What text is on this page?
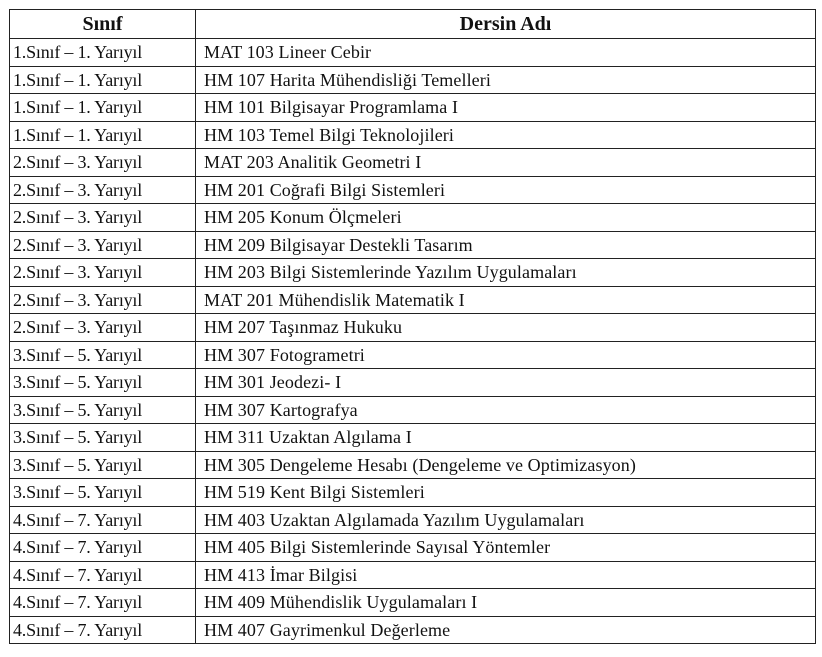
Sınıf	Dersin Adı
1.Sınıf – 1. Yarıyıl	MAT 103 Lineer Cebir
1.Sınıf – 1. Yarıyıl	HM 107 Harita Mühendisliği Temelleri
1.Sınıf – 1. Yarıyıl	HM 101 Bilgisayar Programlama I
1.Sınıf – 1. Yarıyıl	HM 103 Temel Bilgi Teknolojileri
2.Sınıf – 3. Yarıyıl	MAT 203 Analitik Geometri I
2.Sınıf – 3. Yarıyıl	HM 201 Coğrafi Bilgi Sistemleri
2.Sınıf – 3. Yarıyıl	HM 205 Konum Ölçmeleri
2.Sınıf – 3. Yarıyıl	HM 209 Bilgisayar Destekli Tasarım
2.Sınıf – 3. Yarıyıl	HM 203 Bilgi Sistemlerinde Yazılım Uygulamaları
2.Sınıf – 3. Yarıyıl	MAT 201 Mühendislik Matematik I
2.Sınıf – 3. Yarıyıl	HM 207 Taşınmaz Hukuku
3.Sınıf – 5. Yarıyıl	HM 307 Fotogrametri
3.Sınıf – 5. Yarıyıl	HM 301 Jeodezi- I
3.Sınıf – 5. Yarıyıl	HM 307 Kartografya
3.Sınıf – 5. Yarıyıl	HM 311 Uzaktan Algılama I
3.Sınıf – 5. Yarıyıl	HM 305 Dengeleme Hesabı (Dengeleme ve Optimizasyon)
3.Sınıf – 5. Yarıyıl	HM 519 Kent Bilgi Sistemleri
4.Sınıf – 7. Yarıyıl	HM 403 Uzaktan Algılamada Yazılım Uygulamaları
4.Sınıf – 7. Yarıyıl	HM 405 Bilgi Sistemlerinde Sayısal Yöntemler
4.Sınıf – 7. Yarıyıl	HM 413 İmar Bilgisi
4.Sınıf – 7. Yarıyıl	HM 409 Mühendislik Uygulamaları I
4.Sınıf – 7. Yarıyıl	HM 407 Gayrimenkul Değerleme
